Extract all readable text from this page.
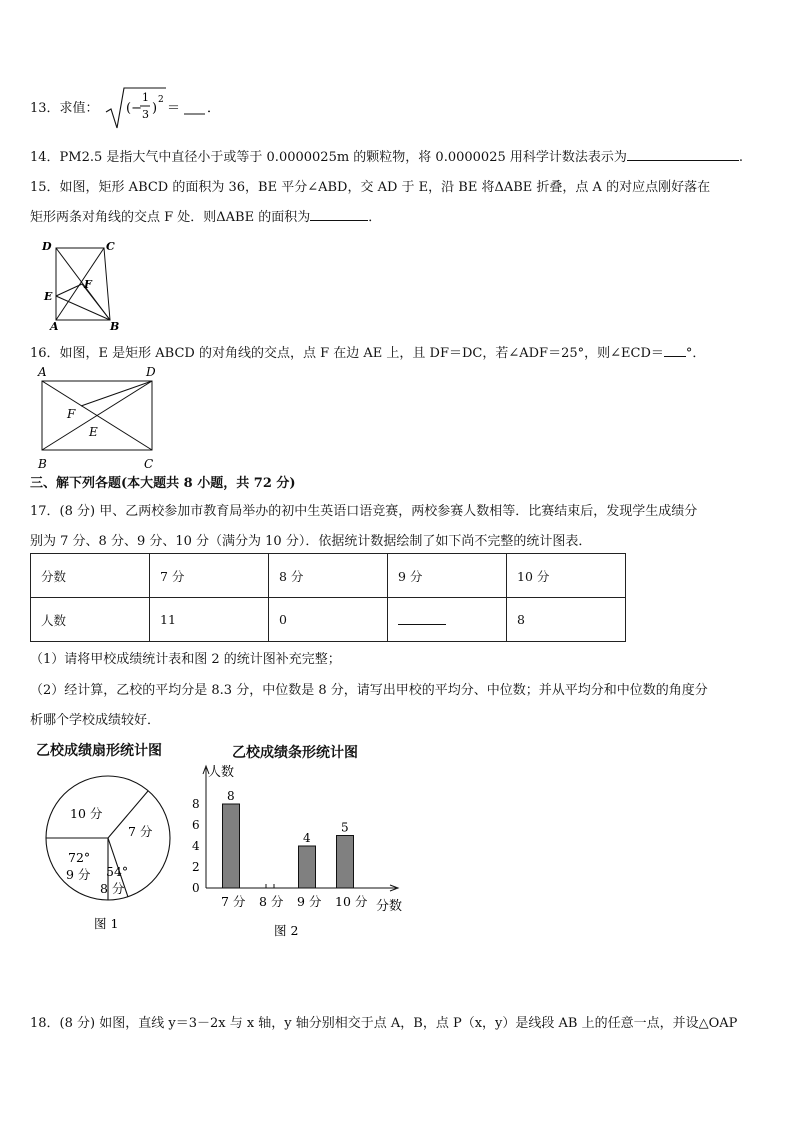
13．求值： (−
1
3 )
2
＝ ．
14．PM2.5 是指大气中直径小于或等于 0.0000025m 的颗粒物，将 0.0000025 用科学计数法表示为	.
15．如图，矩形 ABCD 的面积为 36，BE 平分∠ABD，交 AD 于 E，沿 BE 将ΔABE 折叠，点 A 的对应点刚好落在
矩形两条对角线的交点 F 处．则ΔABE 的面积为	．
D	C
F
E
A	B
16．如图，E 是矩形 ABCD 的对角线的交点，点 F 在边 AE 上，且 DF＝DC，若∠ADF＝25°，则∠ECD＝ °．
A	D
F
E
B	C
三、解下列各题(本大题共 8 小题，共 72 分)
17．(8 分) 甲、乙两校参加市教育局举办的初中生英语口语竞赛，两校参赛人数相等．比赛结束后，发现学生成绩分
别为 7 分、8 分、9 分、10 分（满分为 10 分）．依据统计数据绘制了如下尚不完整的统计图表．
分数	7 分	8 分	9 分	10 分
人数	11	0		8
（1）请将甲校成绩统计表和图 2 的统计图补充完整；
（2）经计算，乙校的平均分是 8.3 分，中位数是 8 分，请写出甲校的平均分、中位数；并从平均分和中位数的角度分
析哪个学校成绩较好．
乙校成绩扇形统计图
10 分
7 分
72°
9 分 54°
8 分
图 1
乙校成绩条形统计图
人数
分数
图 2
0
2
4
6
8
8
7 分 8 分
4
9 分
5
10 分
18．(8 分) 如图，直线 y＝3－2x 与 x 轴，y 轴分别相交于点 A，B，点 P（x，y）是线段 AB 上的任意一点，并设△OAP
